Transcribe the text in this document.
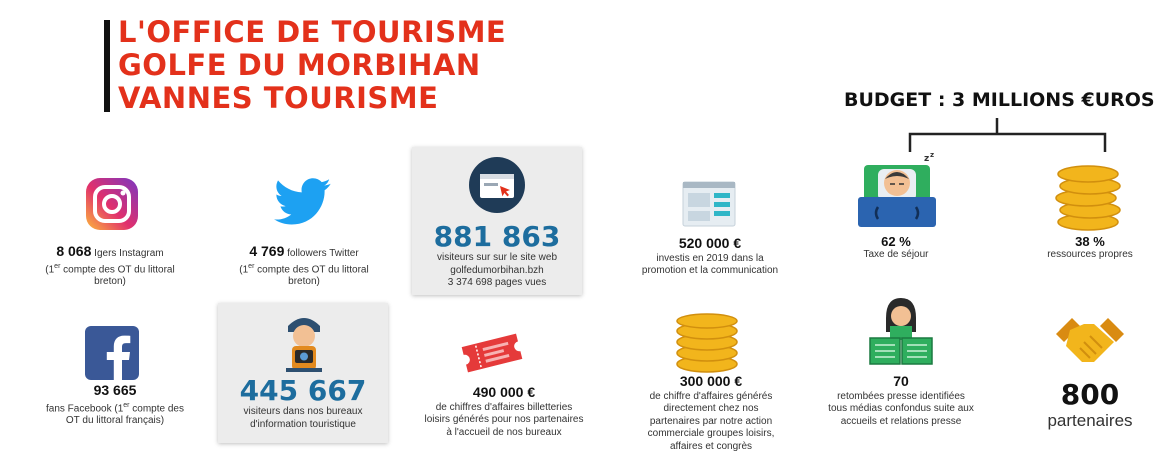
L'OFFICE DE TOURISME
GOLFE DU MORBIHAN
VANNES TOURISME	BUDGET : 3 MILLIONS €UROS
8 068 Igers Instagram
(1er compte des OT du littoral
breton)
4 769 followers Twitter
(1er compte des OT du littoral
breton)
881 863
visiteurs sur sur le site web
golfedumorbihan.bzh
3 374 698 pages vues
520 000 €
investis en 2019 dans la
promotion et la communication
z z
62 %
Taxe de séjour
38 %
ressources propres
93 665
fans Facebook (1er compte des
OT du littoral français)
445 667
visiteurs dans nos bureaux
d'information touristique
490 000 €
de chiffres d'affaires billetteries
loisirs générés pour nos partenaires
à l'accueil de nos bureaux
300 000 €
de chiffre d'affaires générés
directement chez nos
partenaires par notre action
commerciale groupes loisirs,
affaires et congrès
70
retombées presse identifiées
tous médias confondus suite aux
accueils et relations presse
800
partenaires
